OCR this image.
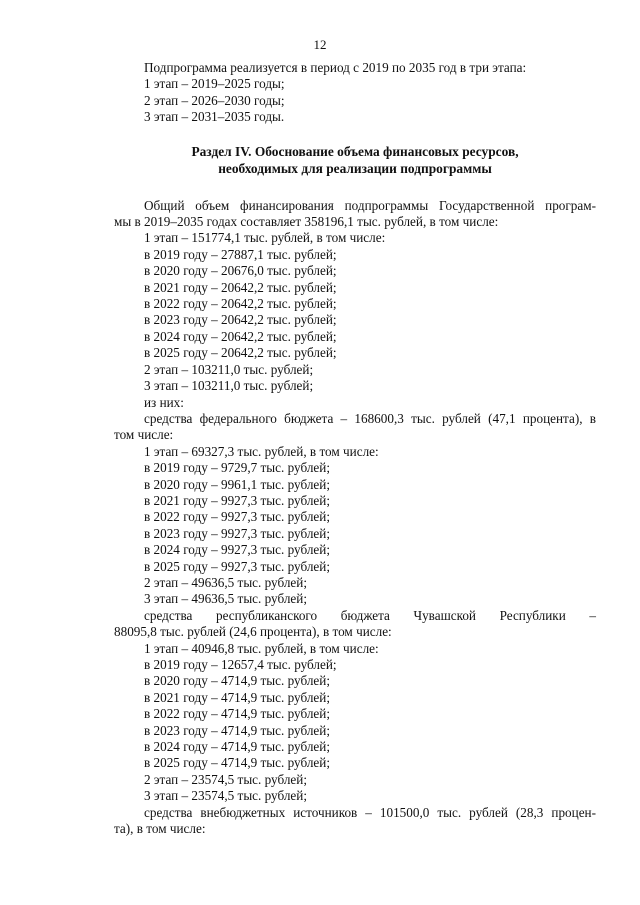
12
Подпрограмма реализуется в период с 2019 по 2035 год в три этапа:
1 этап – 2019–2025 годы;
2 этап – 2026–2030 годы;
3 этап – 2031–2035 годы.
Раздел IV. Обоснование объема финансовых ресурсов,
необходимых для реализации подпрограммы
Общий объем финансирования подпрограммы Государственной програм-
мы в 2019–2035 годах составляет 358196,1 тыс. рублей, в том числе:
1 этап – 151774,1 тыс. рублей, в том числе:
в 2019 году – 27887,1 тыс. рублей;
в 2020 году – 20676,0 тыс. рублей;
в 2021 году – 20642,2 тыс. рублей;
в 2022 году – 20642,2 тыс. рублей;
в 2023 году – 20642,2 тыс. рублей;
в 2024 году – 20642,2 тыс. рублей;
в 2025 году – 20642,2 тыс. рублей;
2 этап – 103211,0 тыс. рублей;
3 этап – 103211,0 тыс. рублей;
из них:
средства федерального бюджета – 168600,3 тыс. рублей (47,1 процента), в
том числе:
1 этап – 69327,3 тыс. рублей, в том числе:
в 2019 году – 9729,7 тыс. рублей;
в 2020 году – 9961,1 тыс. рублей;
в 2021 году – 9927,3 тыс. рублей;
в 2022 году – 9927,3 тыс. рублей;
в 2023 году – 9927,3 тыс. рублей;
в 2024 году – 9927,3 тыс. рублей;
в 2025 году – 9927,3 тыс. рублей;
2 этап – 49636,5 тыс. рублей;
3 этап – 49636,5 тыс. рублей;
средства республиканского бюджета Чувашской Республики –
88095,8 тыс. рублей (24,6 процента), в том числе:
1 этап – 40946,8 тыс. рублей, в том числе:
в 2019 году – 12657,4 тыс. рублей;
в 2020 году – 4714,9 тыс. рублей;
в 2021 году – 4714,9 тыс. рублей;
в 2022 году – 4714,9 тыс. рублей;
в 2023 году – 4714,9 тыс. рублей;
в 2024 году – 4714,9 тыс. рублей;
в 2025 году – 4714,9 тыс. рублей;
2 этап – 23574,5 тыс. рублей;
3 этап – 23574,5 тыс. рублей;
средства внебюджетных источников – 101500,0 тыс. рублей (28,3 процен-
та), в том числе:
